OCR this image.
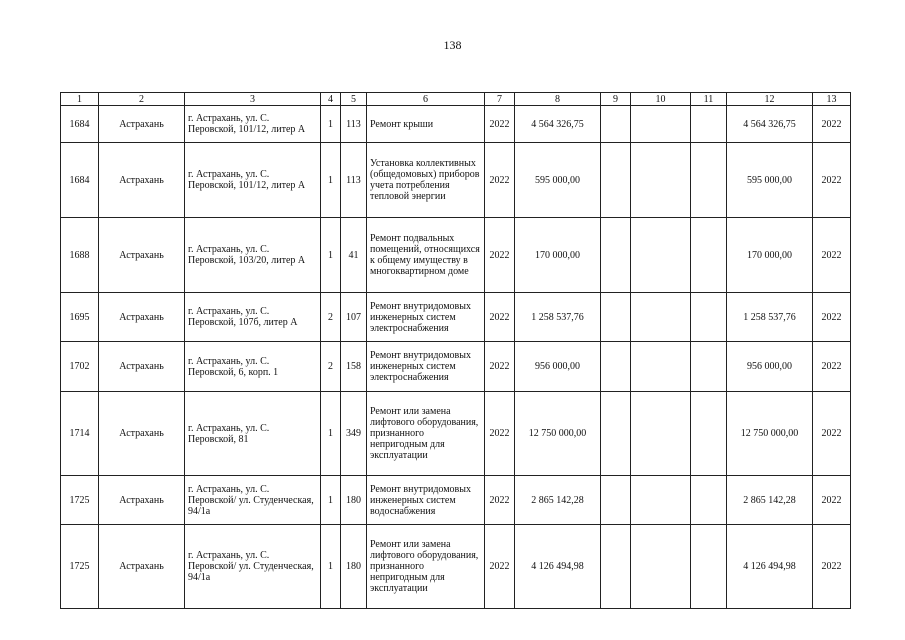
138
1	2	3	4	5	6	7	8	9	10	11	12	13
1684	Астрахань	г. Астрахань, ул. С. Перовской, 101/12, литер А	1	113	Ремонт крыши	2022	4 564 326,75				4 564 326,75	2022
1684	Астрахань	г. Астрахань, ул. С. Перовской, 101/12, литер А	1	113	Установка коллективных (общедомовых) приборов учета потребления тепловой энергии	2022	595 000,00				595 000,00	2022
1688	Астрахань	г. Астрахань, ул. С. Перовской, 103/20, литер А	1	41	Ремонт подвальных помещений, относящихся к общему имуществу в многоквартирном доме	2022	170 000,00				170 000,00	2022
1695	Астрахань	г. Астрахань, ул. С. Перовской, 107б, литер А	2	107	Ремонт внутридомовых инженерных систем электроснабжения	2022	1 258 537,76				1 258 537,76	2022
1702	Астрахань	г. Астрахань, ул. С. Перовской, 6, корп. 1	2	158	Ремонт внутридомовых инженерных систем электроснабжения	2022	956 000,00				956 000,00	2022
1714	Астрахань	г. Астрахань, ул. С. Перовской, 81	1	349	Ремонт или замена лифтового оборудования, признанного непригодным для эксплуатации	2022	12 750 000,00				12 750 000,00	2022
1725	Астрахань	г. Астрахань, ул. С. Перовской/ ул. Студенческая, 94/1а	1	180	Ремонт внутридомовых инженерных систем водоснабжения	2022	2 865 142,28				2 865 142,28	2022
1725	Астрахань	г. Астрахань, ул. С. Перовской/ ул. Студенческая, 94/1а	1	180	Ремонт или замена лифтового оборудования, признанного непригодным для эксплуатации	2022	4 126 494,98				4 126 494,98	2022
